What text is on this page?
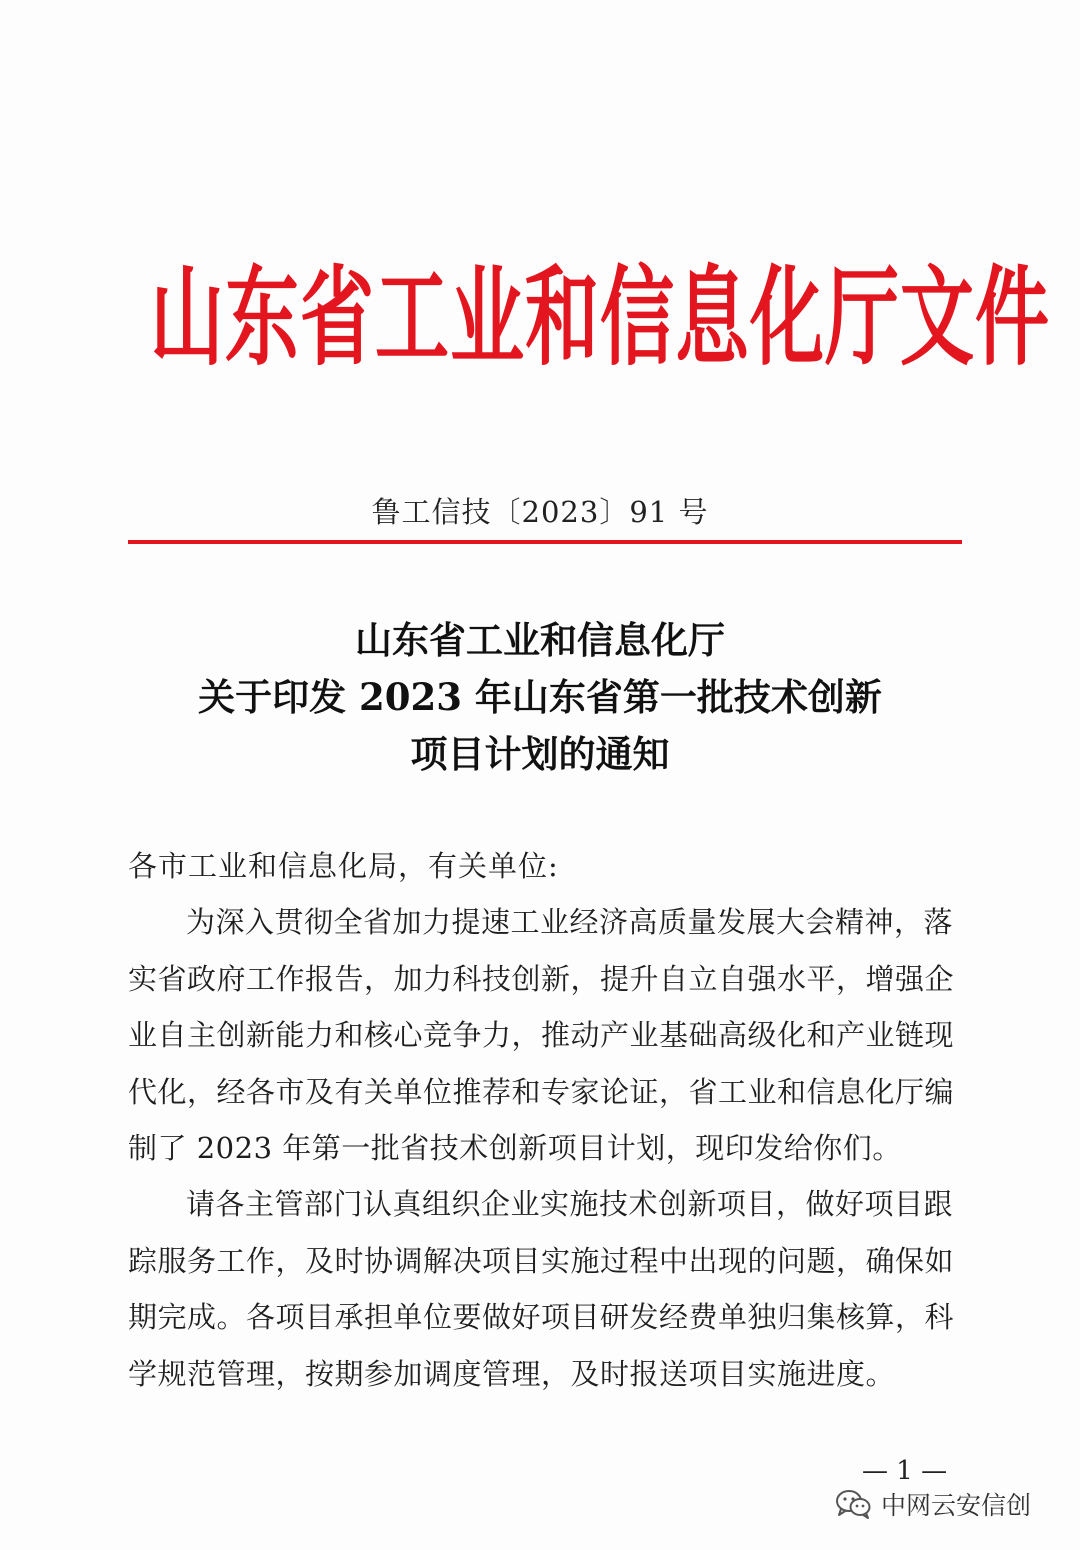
山东省工业和信息化厅文件
鲁工信技〔2023〕91 号
山东省工业和信息化厅
关于印发 2023 年山东省第一批技术创新
项目计划的通知
各市工业和信息化局，有关单位:
为深入贯彻全省加力提速工业经济高质量发展大会精神，落
实省政府工作报告，加力科技创新，提升自立自强水平，增强企
业自主创新能力和核心竞争力，推动产业基础高级化和产业链现
代化，经各市及有关单位推荐和专家论证，省工业和信息化厅编
制了 2023 年第一批省技术创新项目计划，现印发给你们。
请各主管部门认真组织企业实施技术创新项目，做好项目跟
踪服务工作，及时协调解决项目实施过程中出现的问题，确保如
期完成。各项目承担单位要做好项目研发经费单独归集核算，科
学规范管理，按期参加调度管理，及时报送项目实施进度。
— 1 —
中网云安信创
